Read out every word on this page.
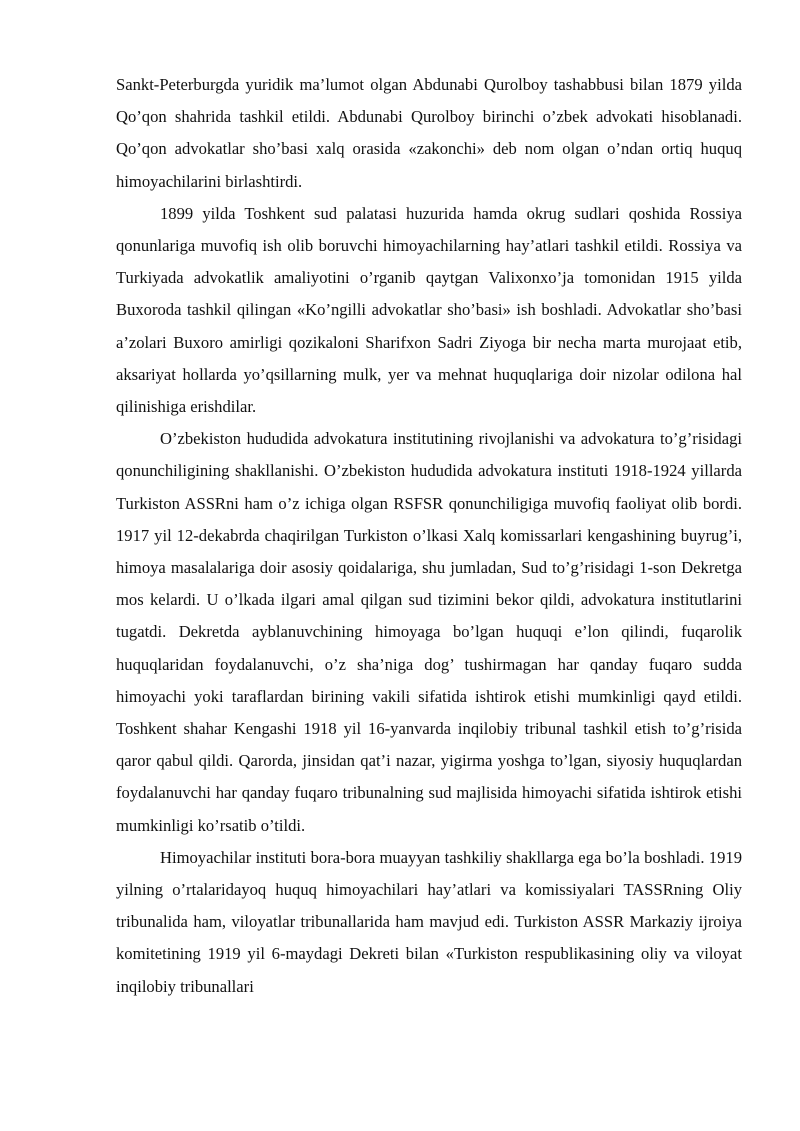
Sankt-Peterburgda yuridik ma’lumot olgan Abdunabi Qurolboy tashabbusi bilan 1879 yilda Qo’qon shahrida tashkil etildi. Abdunabi Qurolboy birinchi o’zbek advokati hisoblanadi. Qo’qon advokatlar sho’basi xalq orasida «zakonchi» deb nom olgan o’ndan ortiq huquq himoyachilarini birlashtirdi.

1899 yilda Toshkent sud palatasi huzurida hamda okrug sudlari qoshida Rossiya qonunlariga muvofiq ish olib boruvchi himoyachilarning hay’atlari tashkil etildi. Rossiya va Turkiyada advokatlik amaliyotini o’rganib qaytgan Valixonxo’ja tomonidan 1915 yilda Buxoroda tashkil qilingan «Ko’ngilli advokatlar sho’basi» ish boshladi. Advokatlar sho’basi a’zolari Buxoro amirligi qozikaloni Sharifxon Sadri Ziyoga bir necha marta murojaat etib, aksariyat hollarda yo’qsillarning mulk, yer va mehnat huquqlariga doir nizolar odilona hal qilinishiga erishdilar.

O’zbekiston hududida advokatura institutining rivojlanishi va advokatura to’g’risidagi qonunchiligining shakllanishi. O’zbekiston hududida advokatura instituti 1918-1924 yillarda Turkiston ASSRni ham o’z ichiga olgan RSFSR qonunchiligiga muvofiq faoliyat olib bordi. 1917 yil 12-dekabrda chaqirilgan Turkiston o’lkasi Xalq komissarlari kengashining buyrug’i, himoya masalalariga doir asosiy qoidalariga, shu jumladan, Sud to’g’risidagi 1-son Dekretga mos kelardi. U o’lkada ilgari amal qilgan sud tizimini bekor qildi, advokatura institutlarini tugatdi. Dekretda ayblanuvchining himoyaga bo’lgan huquqi e’lon qilindi, fuqarolik huquqlaridan foydalanuvchi, o’z sha’niga dog’ tushirmagan har qanday fuqaro sudda himoyachi yoki taraflardan birining vakili sifatida ishtirok etishi mumkinligi qayd etildi. Toshkent shahar Kengashi 1918 yil 16-yanvarda inqilobiy tribunal tashkil etish to’g’risida qaror qabul qildi. Qarorda, jinsidan qat’i nazar, yigirma yoshga to’lgan, siyosiy huquqlardan foydalanuvchi har qanday fuqaro tribunalning sud majlisida himoyachi sifatida ishtirok etishi mumkinligi ko’rsatib o’tildi.

Himoyachilar instituti bora-bora muayyan tashkiliy shakllarga ega bo’la boshladi. 1919 yilning o’rtalaridayoq huquq himoyachilari hay’atlari va komissiyalari TASSRning Oliy tribunalida ham, viloyatlar tribunallarida ham mavjud edi. Turkiston ASSR Markaziy ijroiya komitetining 1919 yil 6-maydagi Dekreti bilan «Turkiston respublikasining oliy va viloyat inqilobiy tribunallari
